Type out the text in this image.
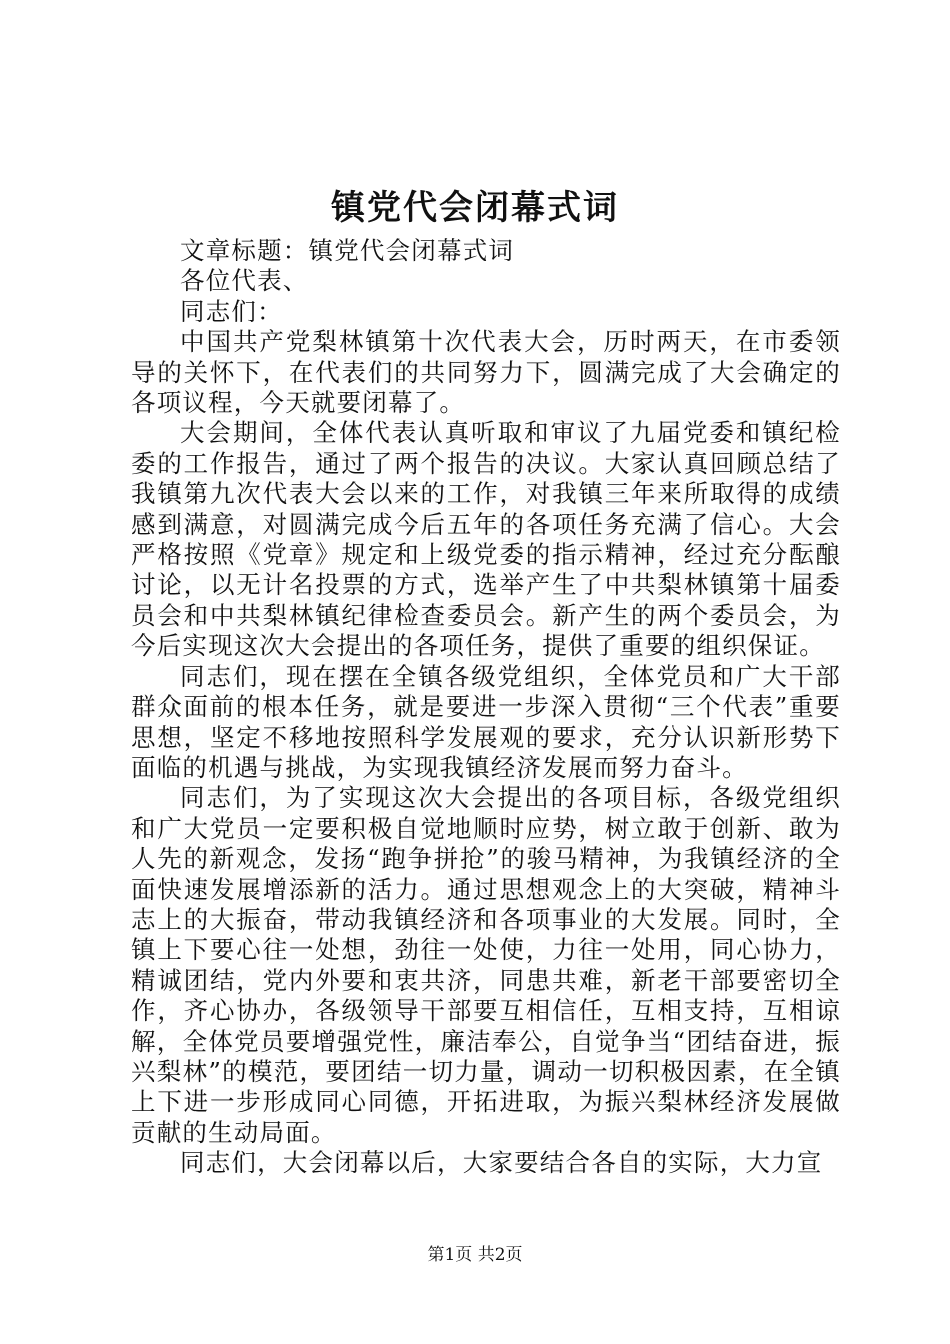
镇党代会闭幕式词

文章标题：镇党代会闭幕式词

各位代表、

同志们：

中国共产党梨林镇第十次代表大会，历时两天，在市委领导的关怀下，在代表们的共同努力下，圆满完成了大会确定的各项议程，今天就要闭幕了。

大会期间，全体代表认真听取和审议了九届党委和镇纪检委的工作报告，通过了两个报告的决议。大家认真回顾总结了我镇第九次代表大会以来的工作，对我镇三年来所取得的成绩感到满意，对圆满完成今后五年的各项任务充满了信心。大会严格按照《党章》规定和上级党委的指示精神，经过充分酝酿讨论，以无计名投票的方式，选举产生了中共梨林镇第十届委员会和中共梨林镇纪律检查委员会。新产生的两个委员会，为今后实现这次大会提出的各项任务，提供了重要的组织保证。

同志们，现在摆在全镇各级党组织，全体党员和广大干部群众面前的根本任务，就是要进一步深入贯彻“三个代表”重要思想，坚定不移地按照科学发展观的要求，充分认识新形势下面临的机遇与挑战，为实现我镇经济发展而努力奋斗。

同志们，为了实现这次大会提出的各项目标，各级党组织和广大党员一定要积极自觉地顺时应势，树立敢于创新、敢为人先的新观念，发扬“跑争拼抢”的骏马精神，为我镇经济的全面快速发展增添新的活力。通过思想观念上的大突破，精神斗志上的大振奋，带动我镇经济和各项事业的大发展。同时，全镇上下要心往一处想，劲往一处使，力往一处用，同心协力，精诚团结，党内外要和衷共济，同患共难，新老干部要密切全作，齐心协办，各级领导干部要互相信任，互相支持，互相谅解，全体党员要增强党性，廉洁奉公，自觉争当“团结奋进，振兴梨林”的模范，要团结一切力量，调动一切积极因素，在全镇上下进一步形成同心同德，开拓进取，为振兴梨林经济发展做贡献的生动局面。

同志们，大会闭幕以后，大家要结合各自的实际，大力宣

第1页 共2页
